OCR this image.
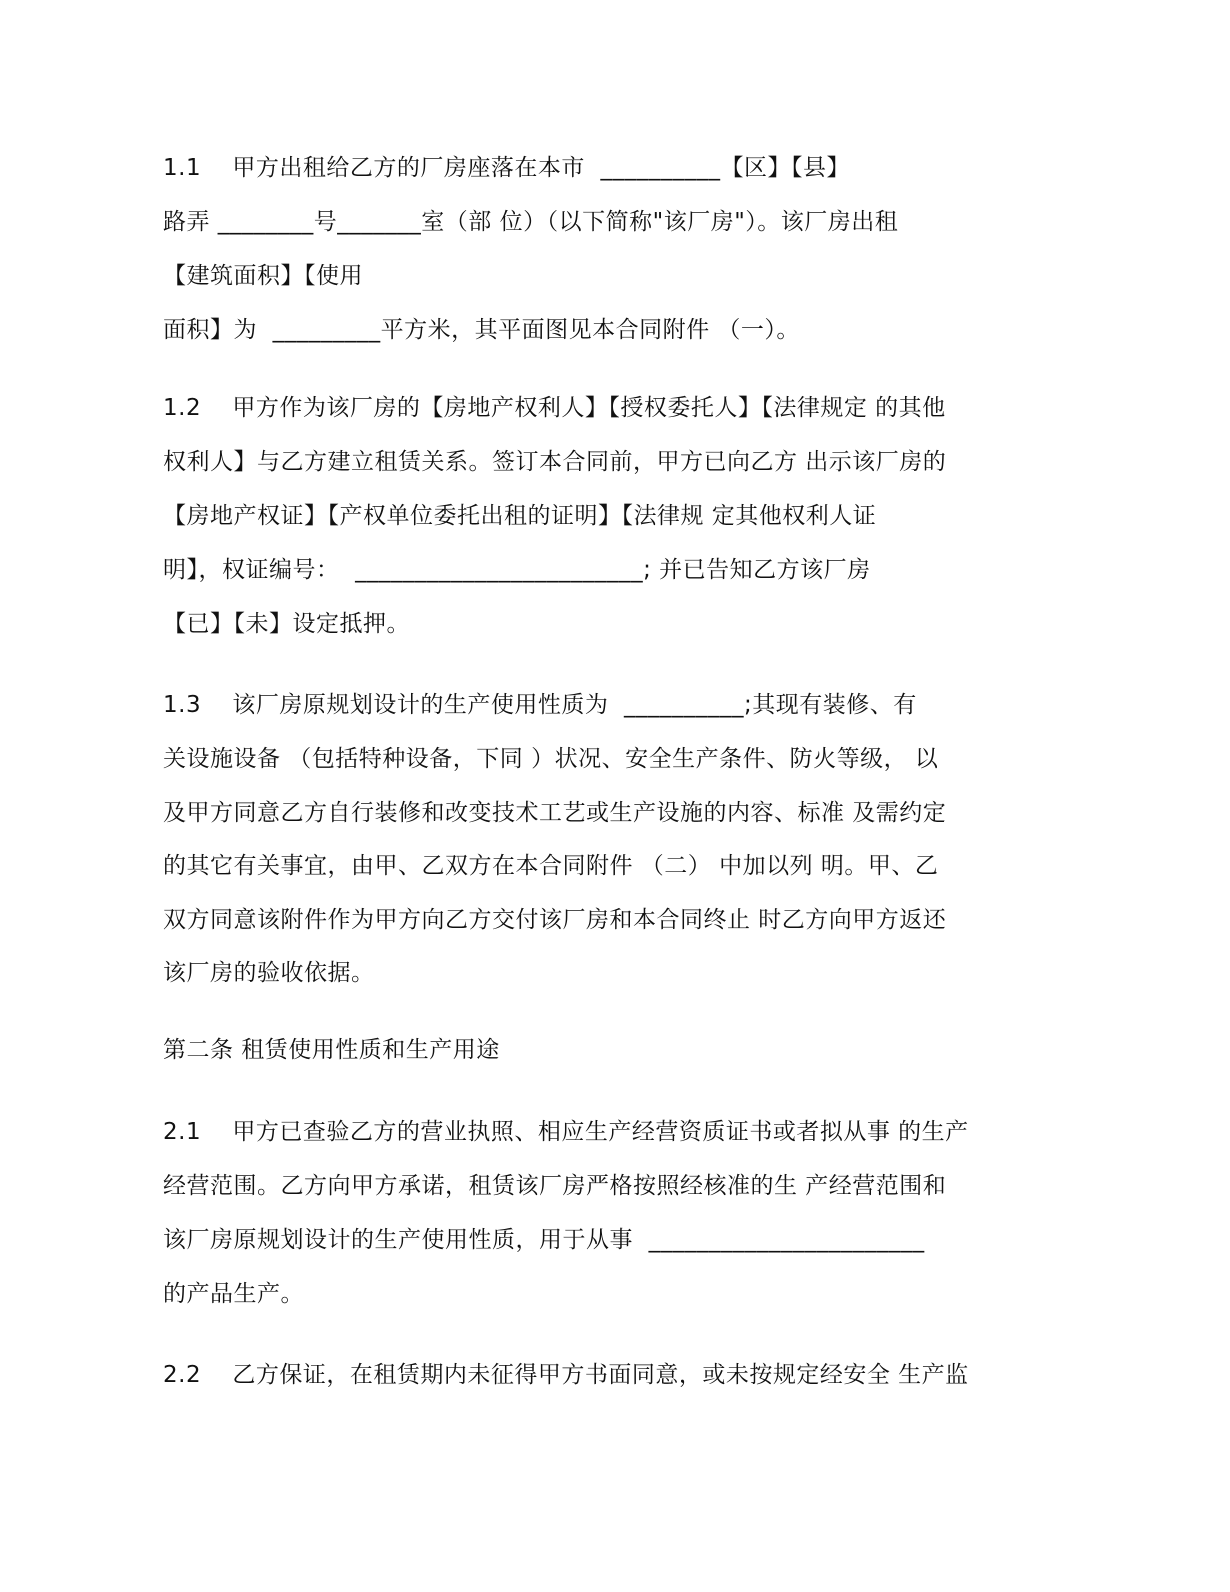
1.1    甲方出租给乙方的厂房座落在本市  __________【区】【县】
路弄 ________号_______室（部 位）（以下简称"该厂房"）。该厂房出租
【建筑面积】【使用
面积】为  _________平方米，其平面图见本合同附件 （一）。
1.2    甲方作为该厂房的【房地产权利人】【授权委托人】【法律规定 的其他
权利人】与乙方建立租赁关系。签订本合同前，甲方已向乙方 出示该厂房的
【房地产权证】【产权单位委托出租的证明】【法律规 定其他权利人证
明】，权证编号：  ________________________; 并已告知乙方该厂房
【已】【未】设定抵押。
1.3    该厂房原规划设计的生产使用性质为  __________;其现有装修、有
关设施设备 （包括特种设备，下同 ）状况、安全生产条件、防火等级， 以
及甲方同意乙方自行装修和改变技术工艺或生产设施的内容、标准 及需约定
的其它有关事宜，由甲、乙双方在本合同附件 （二） 中加以列 明。甲、乙
双方同意该附件作为甲方向乙方交付该厂房和本合同终止 时乙方向甲方返还
该厂房的验收依据。
第二条 租赁使用性质和生产用途
2.1    甲方已查验乙方的营业执照、相应生产经营资质证书或者拟从事 的生产
经营范围。乙方向甲方承诺，租赁该厂房严格按照经核准的生 产经营范围和
该厂房原规划设计的生产使用性质，用于从事  _______________________
的产品生产。
2.2    乙方保证，在租赁期内未征得甲方书面同意，或未按规定经安全 生产监
